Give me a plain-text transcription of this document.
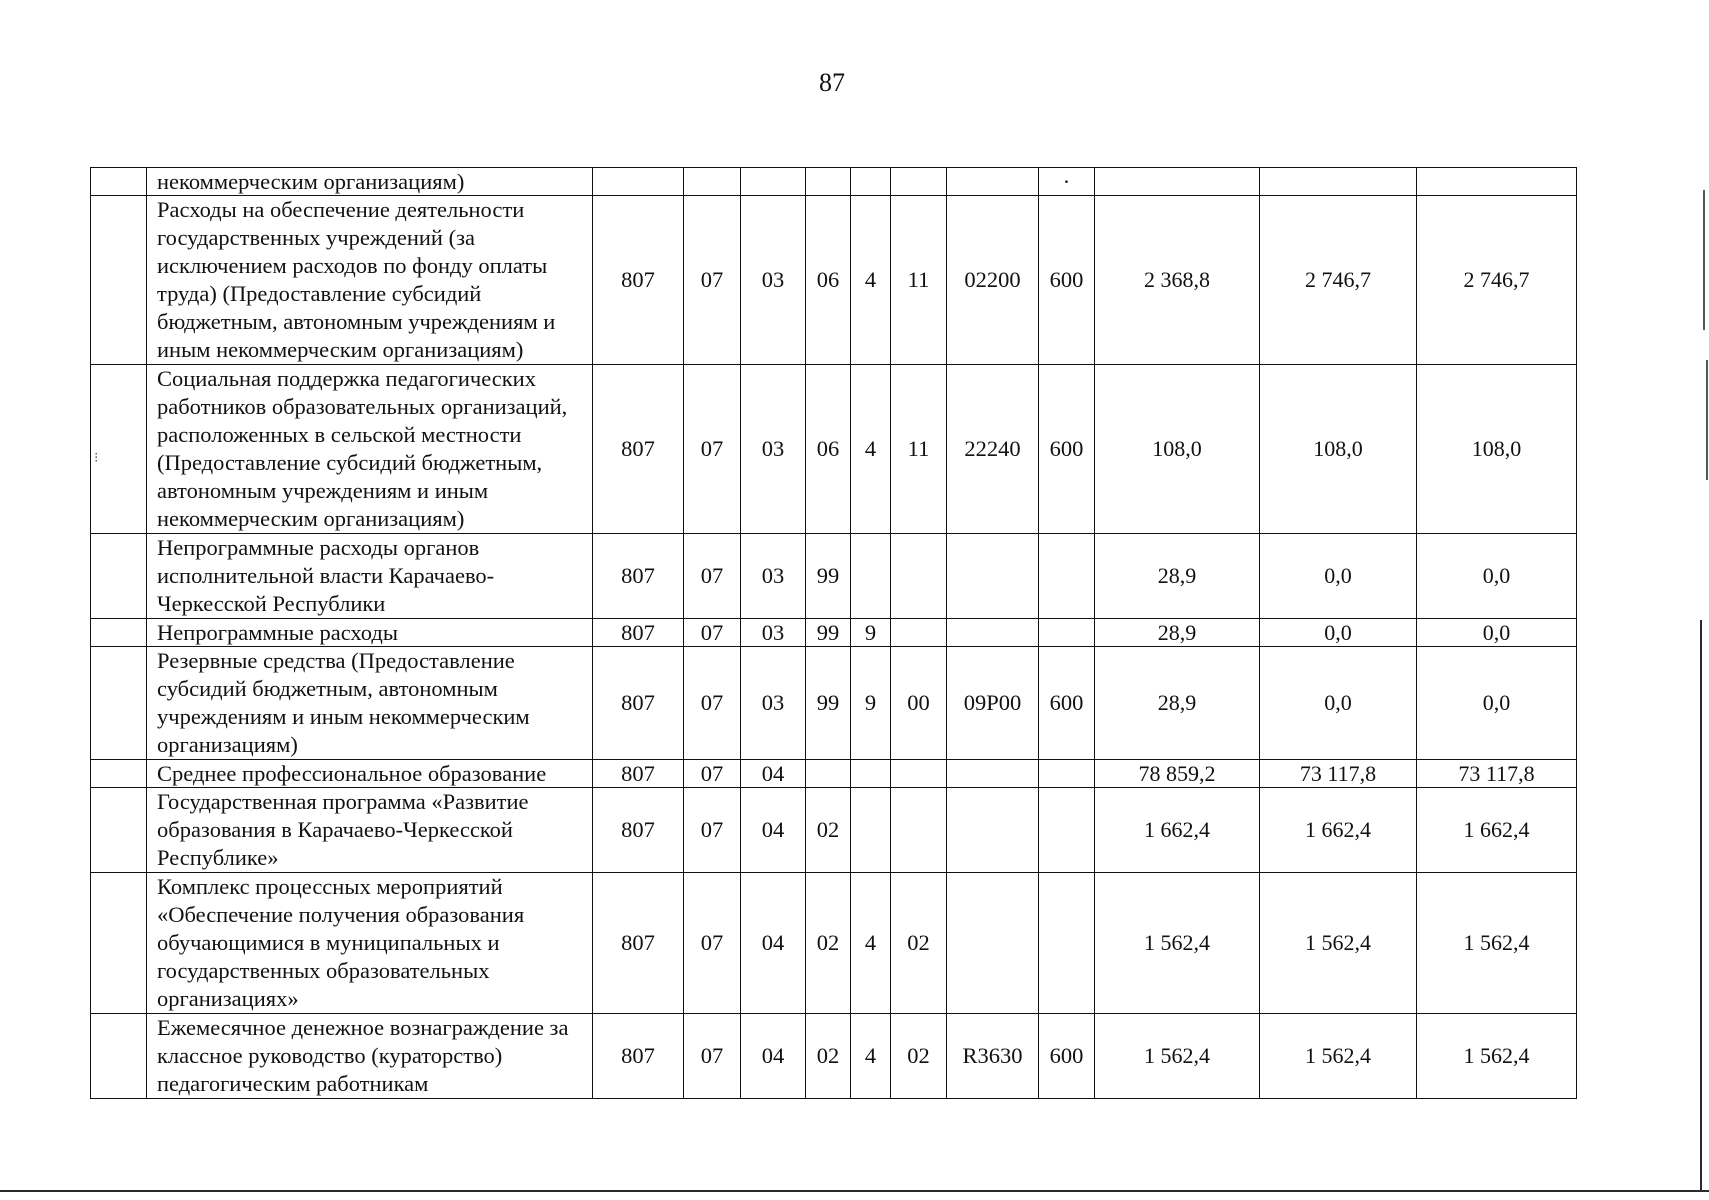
87
	некоммерческим организациям)								·			
	Расходы на обеспечение деятельности государственных учреждений (за исключением расходов по фонду оплаты труда) (Предоставление субсидий бюджетным, автономным учреждениям и иным некоммерческим организациям)	807	07	03	06	4	11	02200	600	2 368,8	2 746,7	2 746,7
	Социальная поддержка педагогических работников образовательных организаций, расположенных в сельской местности (Предоставление субсидий бюджетным, автономным учреждениям и иным некоммерческим организациям)	807	07	03	06	4	11	22240	600	108,0	108,0	108,0
	Непрограммные расходы органов исполнительной власти Карачаево-Черкесской Республики	807	07	03	99					28,9	0,0	0,0
	Непрограммные расходы	807	07	03	99	9				28,9	0,0	0,0
	Резервные средства (Предоставление субсидий бюджетным, автономным учреждениям и иным некоммерческим организациям)	807	07	03	99	9	00	09Р00	600	28,9	0,0	0,0
	Среднее профессиональное образование	807	07	04						78 859,2	73 117,8	73 117,8
	Государственная программа «Развитие образования в Карачаево-Черкесской Республике»	807	07	04	02					1 662,4	1 662,4	1 662,4
	Комплекс процессных мероприятий «Обеспечение получения образования обучающимися в муниципальных и государственных образовательных организациях»	807	07	04	02	4	02			1 562,4	1 562,4	1 562,4
	Ежемесячное денежное вознаграждение за классное руководство (кураторство) педагогическим работникам	807	07	04	02	4	02	R3630	600	1 562,4	1 562,4	1 562,4
⁝
